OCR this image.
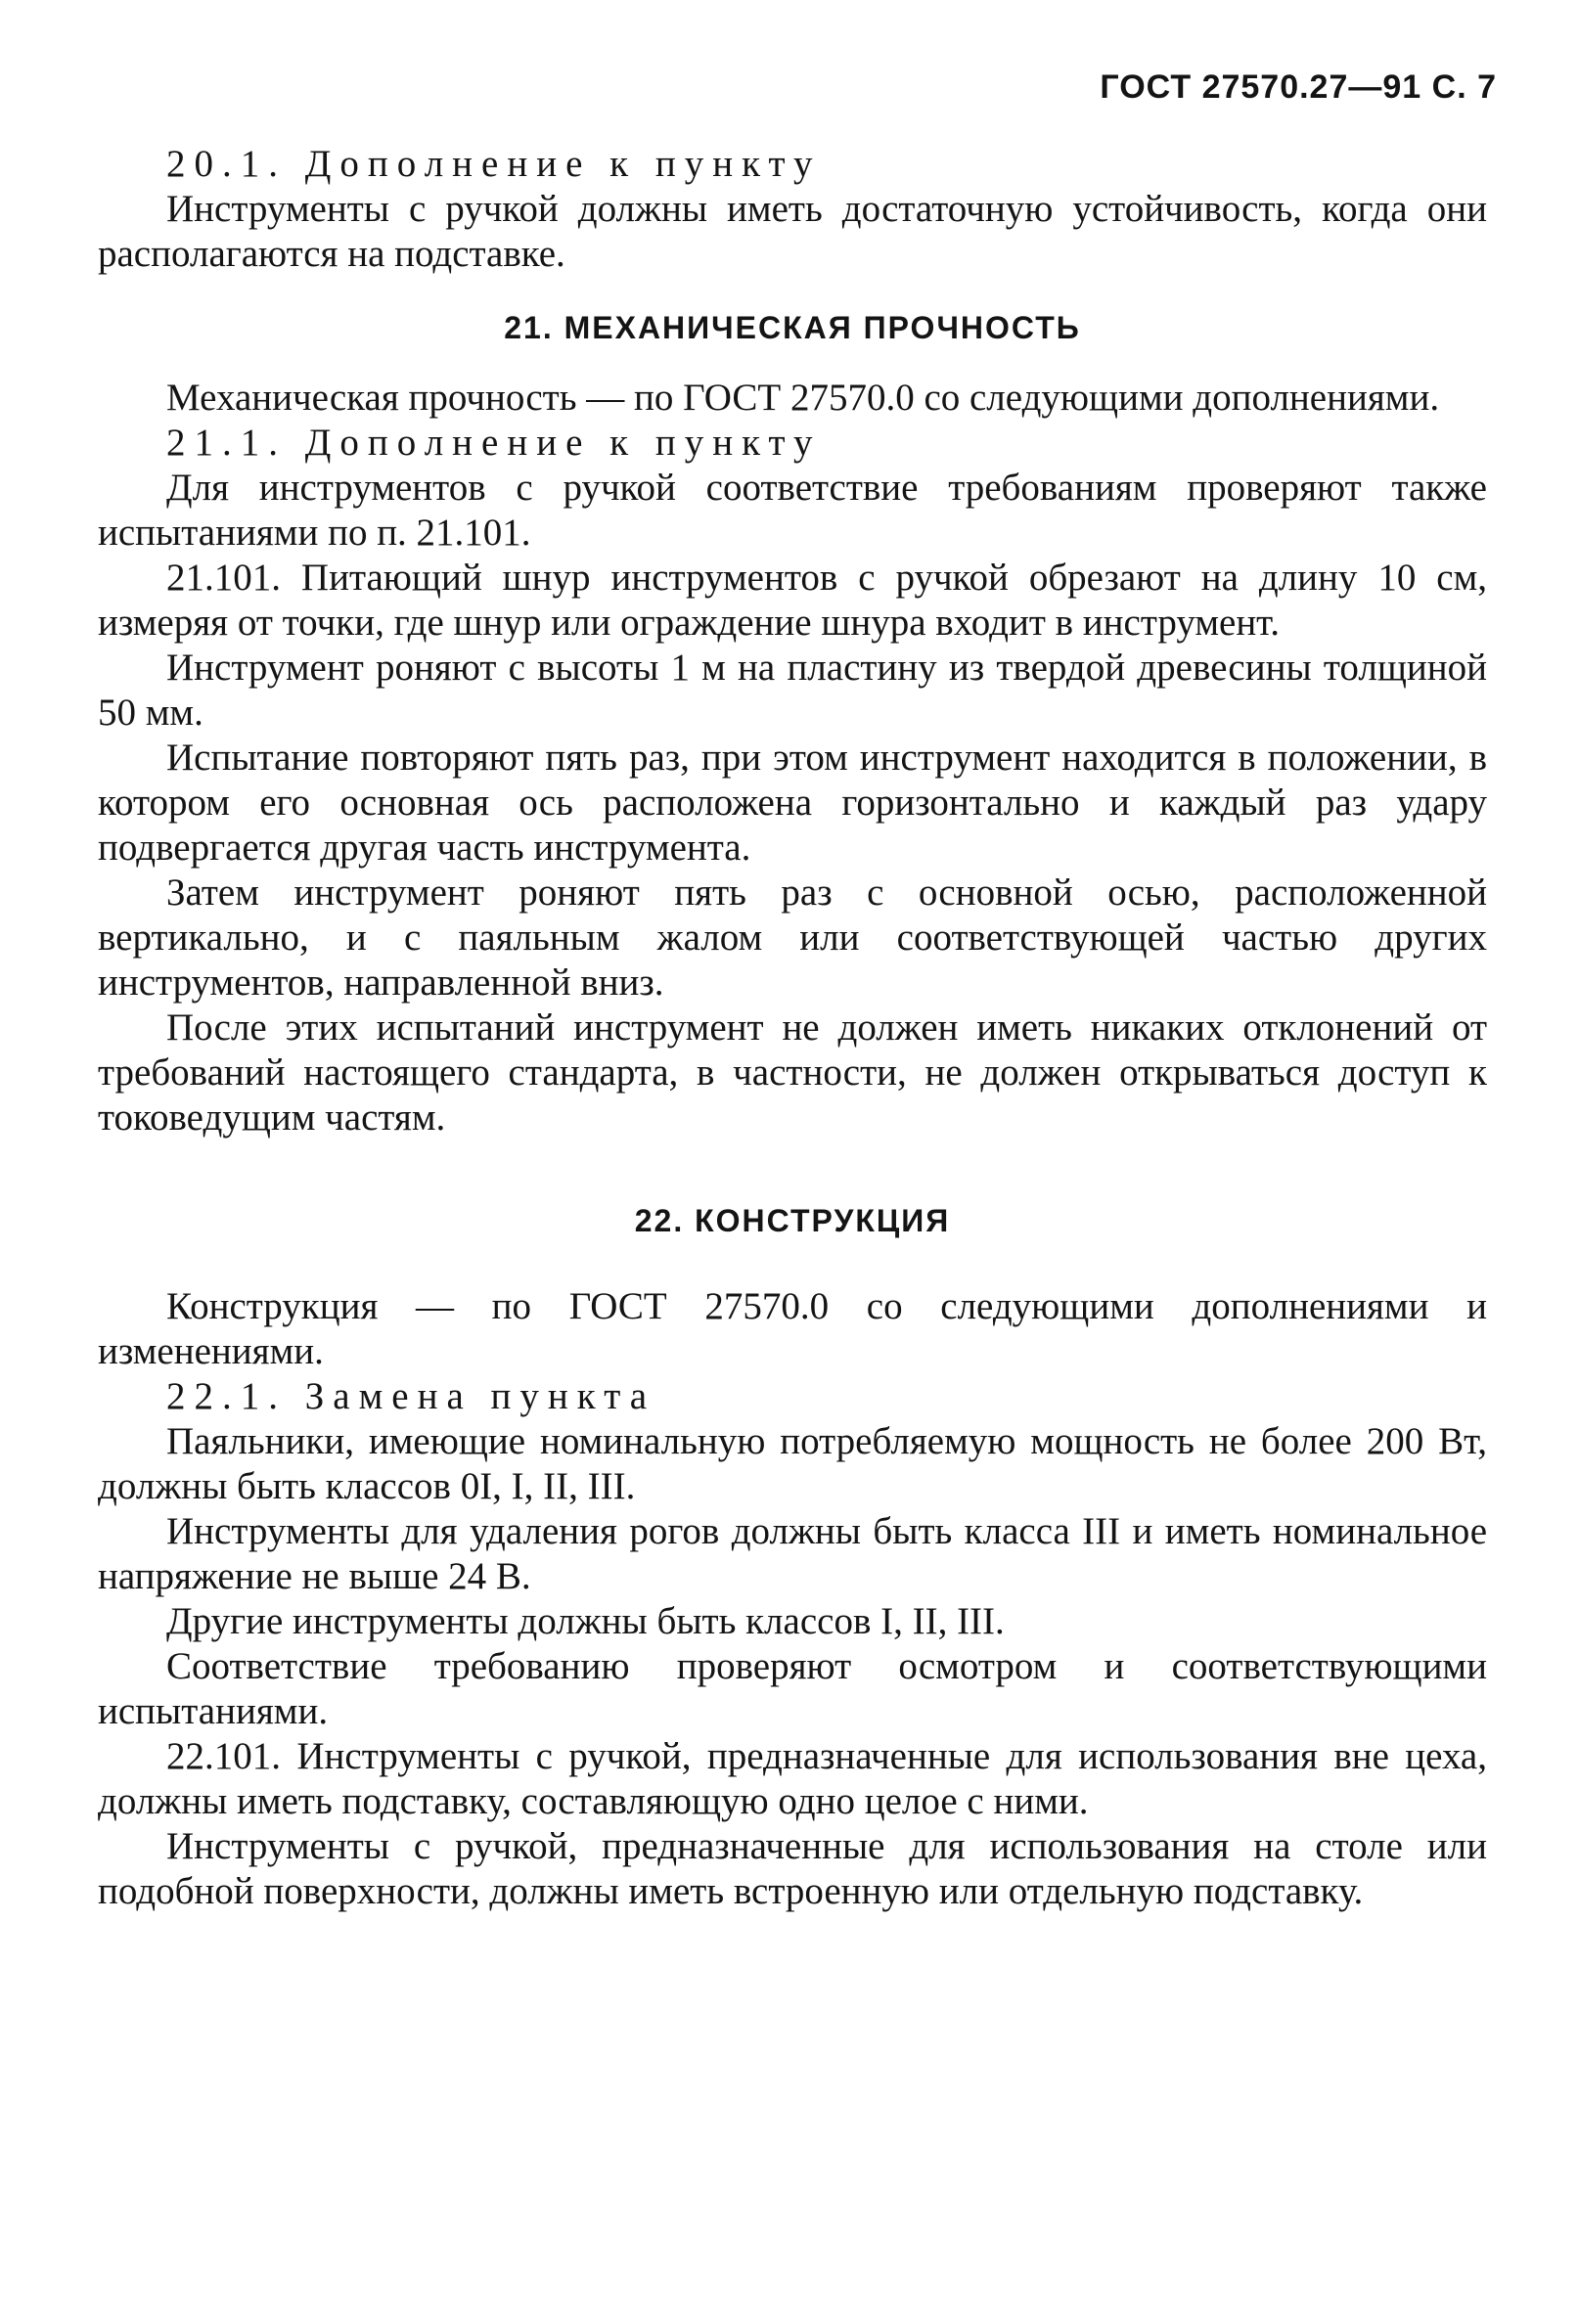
ГОСТ 27570.27—91 С. 7

20.1. Дополнение к пункту

Инструменты с ручкой должны иметь достаточную устойчивость, когда они располагаются на подставке.

21. МЕХАНИЧЕСКАЯ ПРОЧНОСТЬ

Механическая прочность — по ГОСТ 27570.0 со следующими дополнениями.

21.1. Дополнение к пункту

Для инструментов с ручкой соответствие требованиям проверяют также испытаниями по п. 21.101.

21.101. Питающий шнур инструментов с ручкой обрезают на длину 10 см, измеряя от точки, где шнур или ограждение шнура входит в инструмент.

Инструмент роняют с высоты 1 м на пластину из твердой древесины толщиной 50 мм.

Испытание повторяют пять раз, при этом инструмент находится в положении, в котором его основная ось расположена горизонтально и каждый раз удару подвергается другая часть инструмента.

Затем инструмент роняют пять раз с основной осью, расположенной вертикально, и с паяльным жалом или соответствующей частью других инструментов, направленной вниз.

После этих испытаний инструмент не должен иметь никаких отклонений от требований настоящего стандарта, в частности, не должен открываться доступ к токоведущим частям.

22. КОНСТРУКЦИЯ

Конструкция — по ГОСТ 27570.0 со следующими дополнениями и изменениями.

22.1. Замена пункта

Паяльники, имеющие номинальную потребляемую мощность не более 200 Вт, должны быть классов 0I, I, II, III.

Инструменты для удаления рогов должны быть класса III и иметь номинальное напряжение не выше 24 В.

Другие инструменты должны быть классов I, II, III.

Соответствие требованию проверяют осмотром и соответствующими испытаниями.

22.101. Инструменты с ручкой, предназначенные для использования вне цеха, должны иметь подставку, составляющую одно целое с ними.

Инструменты с ручкой, предназначенные для использования на столе или подобной поверхности, должны иметь встроенную или отдельную подставку.
